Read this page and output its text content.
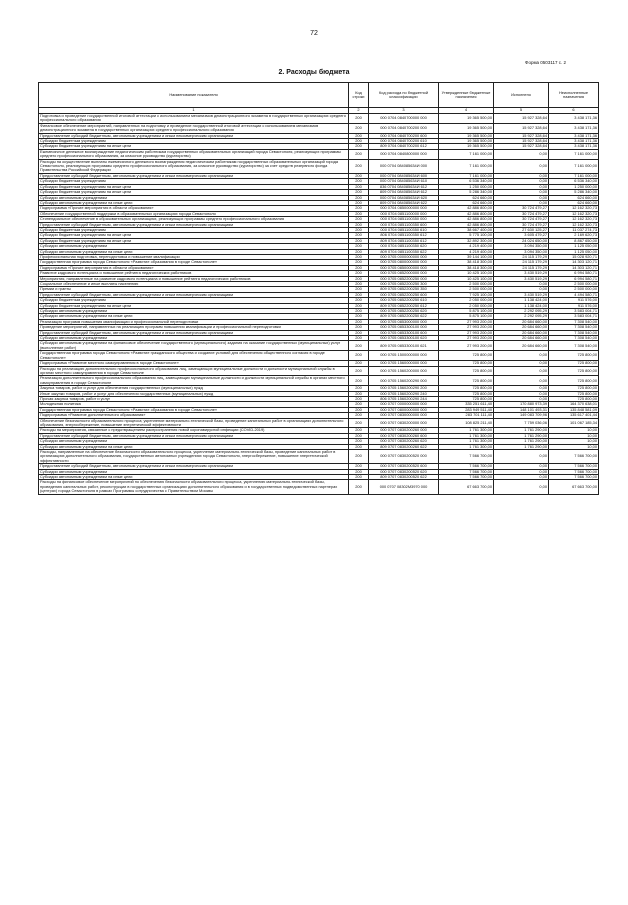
72
Форма 0503117 с. 2
2. Расходы бюджета
Наименование показателя	Код строки	Код расхода по бюджетной классификации	Утвержденные бюджетные назначения	Исполнено	Неисполненные назначения
1	2	3	4	5	6
Подготовка и проведение государственной итоговой аттестации с использованием механизмов демонстрационного экзамена в государственных организациях среднего профессионального образования	200	000 0704 0840700000 000	19 365 500,00	15 927 328,64	3 438 171,36
Финансовое обеспечение мероприятий, направленных на подготовку и проведение государственной итоговой аттестации с использованием механизмов демонстрационного экзамена в государственных организациях среднего профессионального образования	200	000 0704 0840700200 000	19 365 500,00	15 927 328,64	3 438 171,36
Предоставление субсидий бюджетным, автономным учреждениям и иным некоммерческим организациям	200	000 0704 0840700200 600	19 365 500,00	15 927 328,64	3 438 171,36
Субсидии бюджетным учреждениям	200	000 0704 0840700200 610	19 365 500,00	15 927 328,64	3 438 171,36
Субсидии бюджетным учреждениям на иные цели	200	809 0704 0840700200 612	19 365 500,00	15 927 328,64	3 438 171,36
Ежемесячное денежное вознаграждение педагогическим работникам государственных образовательных организаций города Севастополя, реализующих программы среднего профессионального образования, за классное руководство (кураторство)	200	000 0704 0840800000 000	7 161 000,00	0,00	7 161 000,00
Расходы на осуществление выплаты ежемесячного денежного вознаграждения педагогическим работникам государственных образовательных организаций города Севастополя, реализующих программы среднего профессионального образования, за классное руководство (кураторство) за счет средств резервного фонда Правительства Российской Федерации	200	000 0704 084085634И 000	7 161 000,00	0,00	7 161 000,00
Предоставление субсидий бюджетным, автономным учреждениям и иным некоммерческим организациям	200	000 0704 084085634И 600	7 161 000,00	0,00	7 161 000,00
Субсидии бюджетным учреждениям	200	000 0704 084085634И 610	6 536 340,00	0,00	6 536 340,00
Субсидии бюджетным учреждениям на иные цели	200	836 0704 084085634И 612	1 250 000,00	0,00	1 250 000,00
Субсидии бюджетным учреждениям на иные цели	200	809 0704 084085634И 612	5 286 340,00	0,00	5 286 340,00
Субсидии автономным учреждениям	200	000 0704 084085634И 620	624 660,00	0,00	624 660,00
Субсидии автономным учреждениям на иные цели	200	809 0704 084085634И 622	624 660,00	0,00	624 660,00
Подпрограмма «Прочие мероприятия в области образования»	200	000 0704 0850000000 000	42 886 800,00	30 724 479,27	12 162 320,73
Обеспечение государственной поддержки в образовательных организациях города Севастополя	200	000 0704 0851100000 000	42 886 800,00	30 724 479,27	12 162 320,73
Стипендиальное обеспечение в образовательных организациях, реализующих программы среднего профессионального образования	200	000 0704 0851100350 000	42 886 800,00	30 724 479,27	12 162 320,73
Предоставление субсидий бюджетным, автономным учреждениям и иным некоммерческим организациям	200	000 0704 0851100350 600	42 886 800,00	30 724 479,27	12 162 320,73
Субсидии бюджетным учреждениям	200	000 0704 0851100350 610	38 667 400,00	27 630 125,27	11 037 274,73
Субсидии бюджетным учреждениям на иные цели	200	806 0704 0851100350 612	5 775 100,00	3 605 479,27	2 169 620,73
Субсидии бюджетным учреждениям на иные цели	200	809 0704 0851100350 612	32 892 300,00	24 024 650,00	8 867 650,00
Субсидии автономным учреждениям	200	000 0704 0851100350 620	4 219 400,00	3 094 350,00	1 125 050,00
Субсидии автономным учреждениям на иные цели	200	809 0704 0851100350 622	4 219 400,00	3 094 350,00	1 125 050,00
Профессиональная подготовка, переподготовка и повышение квалификации	200	000 0705 0000000000 000	39 144 100,00	24 115 179,29	15 028 920,71
Государственная программа города Севастополя «Развитие образования в городе Севастополе»	200	000 0705 0800000000 000	38 418 300,00	24 115 179,29	14 303 120,71
Подпрограмма «Прочие мероприятия в области образования»	200	000 0705 0850000000 000	38 418 300,00	24 115 179,29	14 303 120,71
Развитие кадрового потенциала и повышение рейтинга педагогических работников	200	000 0705 0852000000 000	10 425 100,00	3 430 519,29	6 994 580,71
Мероприятия, направленные на развитие кадрового потенциала и повышение рейтинга педагогических работников	200	000 0705 0852200250 000	10 425 100,00	3 430 519,29	6 994 580,71
Социальное обеспечение и иные выплаты населению	200	000 0705 0852200250 300	2 500 000,00	0,00	2 500 000,00
Премии и гранты	200	809 0705 0852200250 350	2 500 000,00	0,00	2 500 000,00
Предоставление субсидий бюджетным, автономным учреждениям и иным некоммерческим организациям	200	000 0705 0852200250 600	7 925 100,00	3 430 519,29	4 494 580,71
Субсидии бюджетным учреждениям	200	000 0705 0852200250 610	2 050 000,00	1 138 424,00	911 576,00
Субсидии бюджетным учреждениям на иные цели	200	809 0705 0852200250 612	2 050 000,00	1 138 424,00	911 576,00
Субсидии автономным учреждениям	200	000 0705 0852200250 620	5 875 100,00	2 292 095,29	3 583 004,71
Субсидии автономным учреждениям на иные цели	200	809 0705 0852200250 622	5 875 100,00	2 292 095,29	3 583 004,71
Реализация программ повышения квалификации и профессиональной переподготовки	200	000 0705 0853000000 000	27 993 200,00	20 684 660,00	7 308 540,00
Проведение мероприятий, направленных на реализацию программ повышения квалификации и профессиональной переподготовки	200	000 0705 0853300100 000	27 993 200,00	20 684 660,00	7 308 540,00
Предоставление субсидий бюджетным, автономным учреждениям и иным некоммерческим организациям	200	000 0705 0853300100 600	27 993 200,00	20 684 660,00	7 308 540,00
Субсидии автономным учреждениям	200	000 0705 0853300100 620	27 993 200,00	20 684 660,00	7 308 540,00
Субсидии автономным учреждениям на финансовое обеспечение государственного (муниципального) задания на оказание государственных (муниципальных) услуг (выполнение работ)	200	809 0705 0853300100 621	27 993 200,00	20 684 660,00	7 308 540,00
Государственная программа города Севастополя «Развитие гражданского общества и создание условий для обеспечения общественного согласия в городе Севастополе»	200	000 0705 1500000000 000	725 800,00	0,00	725 800,00
Подпрограмма «Развитие местного самоуправления в городе Севастополе»	200	000 0705 1560000000 000	725 800,00	0,00	725 800,00
Расходы на реализацию дополнительного профессионального образования лиц, замещающих муниципальные должности и должности муниципальной службы в органах местного самоуправления в городе Севастополе	200	000 0705 1560200000 000	725 800,00	0,00	725 800,00
Реализация дополнительного профессионального образования лиц, замещающих муниципальные должности и должности муниципальной службы в органах местного самоуправления в городе Севастополе	200	000 0705 1560200290 000	725 800,00	0,00	725 800,00
Закупка товаров, работ и услуг для обеспечения государственных (муниципальных) нужд	200	000 0705 1560200290 200	725 800,00	0,00	725 800,00
Иные закупки товаров, работ и услуг для обеспечения государственных (муниципальных) нужд	200	000 0705 1560200290 240	725 800,00	0,00	725 800,00
Прочая закупка товаров, работ и услуг	200	806 0705 1560200290 244	725 800,00	0,00	725 800,00
Молодежная политика	200	000 0707 0000000000 000	335 251 611,40	170 880 973,39	164 370 638,01
Государственная программа города Севастополя «Развитие образования в городе Севастополе»	200	000 0707 0800000000 000	283 949 511,40	148 101 493,31	135 848 581,09
Подпрограмма «Развитие дополнительного образования»	200	000 0707 0830000000 000	283 701 111,40	149 083 709,96	135 617 401,44
Обеспечение безопасности образовательного процесса; укрепление материально-технической базы, проведение капитальных работ в организациях дополнительного образования, энергосбережение, повышение энергетической эффективности	200	000 0707 0830200000 000	108 825 211,40	7 759 036,06	101 067 185,34
Расходы на мероприятия, связанные с предотвращением распространения новой коронавирусной инфекции (COVID-2019)	200	000 0707 0830200260 000	1 761 300,00	1 761 290,00	10,00
Предоставление субсидий бюджетным, автономным учреждениям и иным некоммерческим организациям	200	000 0707 0830200260 600	1 761 300,00	1 761 290,00	10,00
Субсидии автономным учреждениям	200	000 0707 0830200260 620	1 761 300,00	1 761 290,00	10,00
Субсидии автономным учреждениям на иные цели	200	809 0707 0830200260 622	1 761 300,00	1 761 290,00	10,00
Расходы, направленные на обеспечение безопасности образовательного процесса, укрепление материально-технической базы, проведение капитальных работ в организациях дополнительного образования, государственных автономных учреждениях города Севастополя, энергосбережение, повышение энергетической эффективности	200	000 0707 0830200520 000	7 566 700,00	0,00	7 566 700,00
Предоставление субсидий бюджетным, автономным учреждениям и иным некоммерческим организациям	200	000 0707 0830200520 600	7 566 700,00	0,00	7 566 700,00
Субсидии автономным учреждениям	200	000 0707 0830200520 620	7 566 700,00	0,00	7 566 700,00
Субсидии автономным учреждениям на иные цели	200	809 0707 0830200520 622	7 566 700,00	0,00	7 566 700,00
Расходы на финансовое обеспечение мероприятий по обеспечению безопасности образовательного процесса, укреплению материально-технической базы, проведению капитальных работ, реконструкции в государственных организациях дополнительного образования и в государственных подведомственных партнерах (центрах) города Севастополя в рамках Программы сотрудничества с Правительством Москвы	200	000 0707 08302М3970 000	67 663 700,00	0,00	67 663 700,00
